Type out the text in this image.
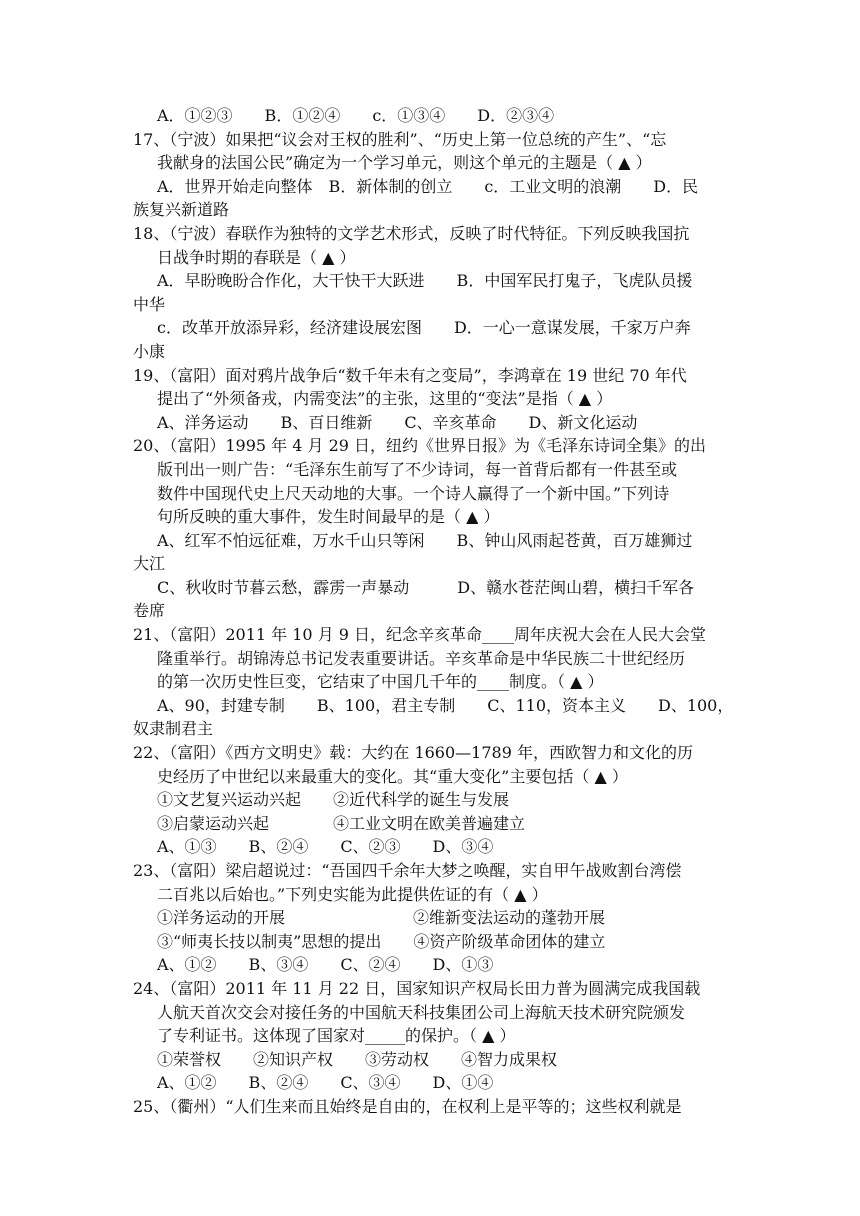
A．①②③　　B．①②④　　c．①③④　　D．②③④
17、（宁波）如果把“议会对王权的胜利”、“历史上第一位总统的产生”、“忘
我献身的法国公民”确定为一个学习单元，则这个单元的主题是（ ▲ ）
A．世界开始走向整体　B．新体制的创立　　c．工业文明的浪潮　　D．民
族复兴新道路
18、（宁波）春联作为独特的文学艺术形式，反映了时代特征。下列反映我国抗
日战争时期的春联是（ ▲ ）
A．早盼晚盼合作化，大干快干大跃进　　B．中国军民打鬼子，飞虎队员援
中华
c．改革开放添异彩，经济建设展宏图　　D．一心一意谋发展，千家万户奔
小康
19、（富阳）面对鸦片战争后“数千年未有之变局”，李鸿章在 19 世纪 70 年代
提出了“外须备戎，内需变法”的主张，这里的“变法”是指（ ▲ ）
A、洋务运动　　B、百日维新　　C、辛亥革命　　D、新文化运动
20、（富阳）1995 年 4 月 29 日，纽约《世界日报》为《毛泽东诗词全集》的出
版刊出一则广告：“毛泽东生前写了不少诗词，每一首背后都有一件甚至或
数件中国现代史上尺天动地的大事。一个诗人赢得了一个新中国。”下列诗
句所反映的重大事件，发生时间最早的是（ ▲ ）
A、红军不怕远征难，万水千山只等闲　　B、钟山风雨起苍黄，百万雄狮过
大江
C、秋收时节暮云愁，霹雳一声暴动　　　D、赣水苍茫闽山碧，横扫千军各
卷席
21、（富阳）2011 年 10 月 9 日，纪念辛亥革命____周年庆祝大会在人民大会堂
隆重举行。胡锦涛总书记发表重要讲话。辛亥革命是中华民族二十世纪经历
的第一次历史性巨变，它结束了中国几千年的____制度。（ ▲ ）
A、90，封建专制　　B、100，君主专制　　C、110，资本主义　　D、100，
奴隶制君主
22、（富阳）《西方文明史》载：大约在 1660—1789 年，西欧智力和文化的历
史经历了中世纪以来最重大的变化。其“重大变化”主要包括（ ▲ ）
①文艺复兴运动兴起　　②近代科学的诞生与发展
③启蒙运动兴起　　　　④工业文明在欧美普遍建立
A、①③　　B、②④　　C、②③　　D、③④
23、（富阳）梁启超说过：“吾国四千余年大梦之唤醒，实自甲午战败割台湾偿
二百兆以后始也。”下列史实能为此提供佐证的有（ ▲ ）
①洋务运动的开展　　　　　　　　②维新变法运动的蓬勃开展
③“师夷长技以制夷”思想的提出　　④资产阶级革命团体的建立
A、①②　　B、③④　　C、②④　　D、①③
24、（富阳）2011 年 11 月 22 日，国家知识产权局长田力普为圆满完成我国载
人航天首次交会对接任务的中国航天科技集团公司上海航天技术研究院颁发
了专利证书。这体现了国家对_____的保护。（ ▲ ）
①荣誉权　　②知识产权　　③劳动权　　④智力成果权
A、①②　　B、②④　　C、③④　　D、①④
25、（衢州）“人们生来而且始终是自由的，在权利上是平等的；这些权利就是
